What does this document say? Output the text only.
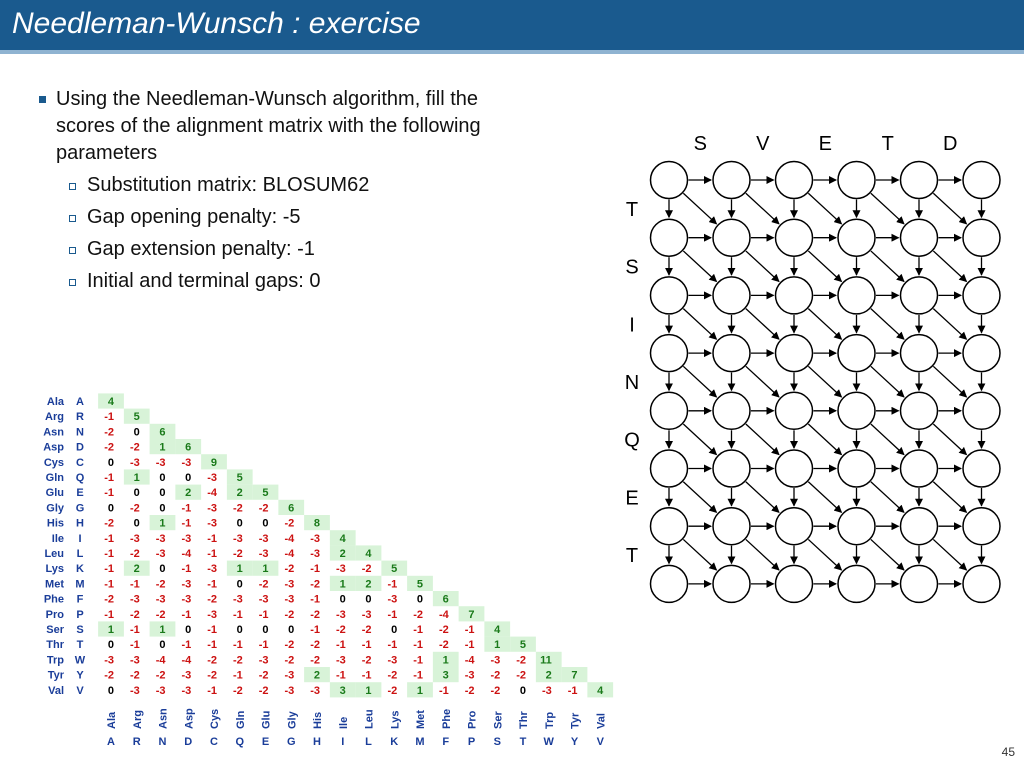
Needleman-Wunsch : exercise
Using the Needleman-Wunsch algorithm, fill the scores of the alignment matrix with the following parameters
Substitution matrix: BLOSUM62
Gap opening penalty: -5
Gap extension penalty: -1
Initial and terminal gaps: 0
Ala A 4
Arg R -1 5
Asn N -2 0 6
Asp D -2 -2 1 6
Cys C 0 -3 -3 -3 9
Gln Q -1 1 0 0 -3 5
Glu E -1 0 0 2 -4 2 5
Gly G 0 -2 0 -1 -3 -2 -2 6
His H -2 0 1 -1 -3 0 0 -2 8
Ile I -1 -3 -3 -3 -1 -3 -3 -4 -3 4
Leu L -1 -2 -3 -4 -1 -2 -3 -4 -3 2 4
Lys K -1 2 0 -1 -3 1 1 -2 -1 -3 -2 5
Met M -1 -1 -2 -3 -1 0 -2 -3 -2 1 2 -1 5
Phe F -2 -3 -3 -3 -2 -3 -3 -3 -1 0 0 -3 0 6
Pro P -1 -2 -2 -1 -3 -1 -1 -2 -2 -3 -3 -1 -2 -4 7
Ser S 1 -1 1 0 -1 0 0 0 -1 -2 -2 0 -1 -2 -1 4
Thr T 0 -1 0 -1 -1 -1 -1 -2 -2 -1 -1 -1 -1 -2 -1 1 5
Trp W -3 -3 -4 -4 -2 -2 -3 -2 -2 -3 -2 -3 -1 1 -4 -3 -2 11
Tyr Y -2 -2 -2 -3 -2 -1 -2 -3 2 -1 -1 -2 -1 3 -3 -2 -2 2 7
Val V 0 -3 -3 -3 -1 -2 -2 -3 -3 3 1 -2 1 -1 -2 -2 0 -3 -1 4
Ala
A
Arg
R
Asn
N
Asp
D
Cys
C
Gln
Q
Glu
E
Gly
G
His
H
Ile
I
Leu
L
Lys
K
Met
M
Phe
F
Pro
P
Ser
S
Thr
T
Trp
W
Tyr
Y
Val
V
S V E T D
T
S
I
N
Q
E
T
45
